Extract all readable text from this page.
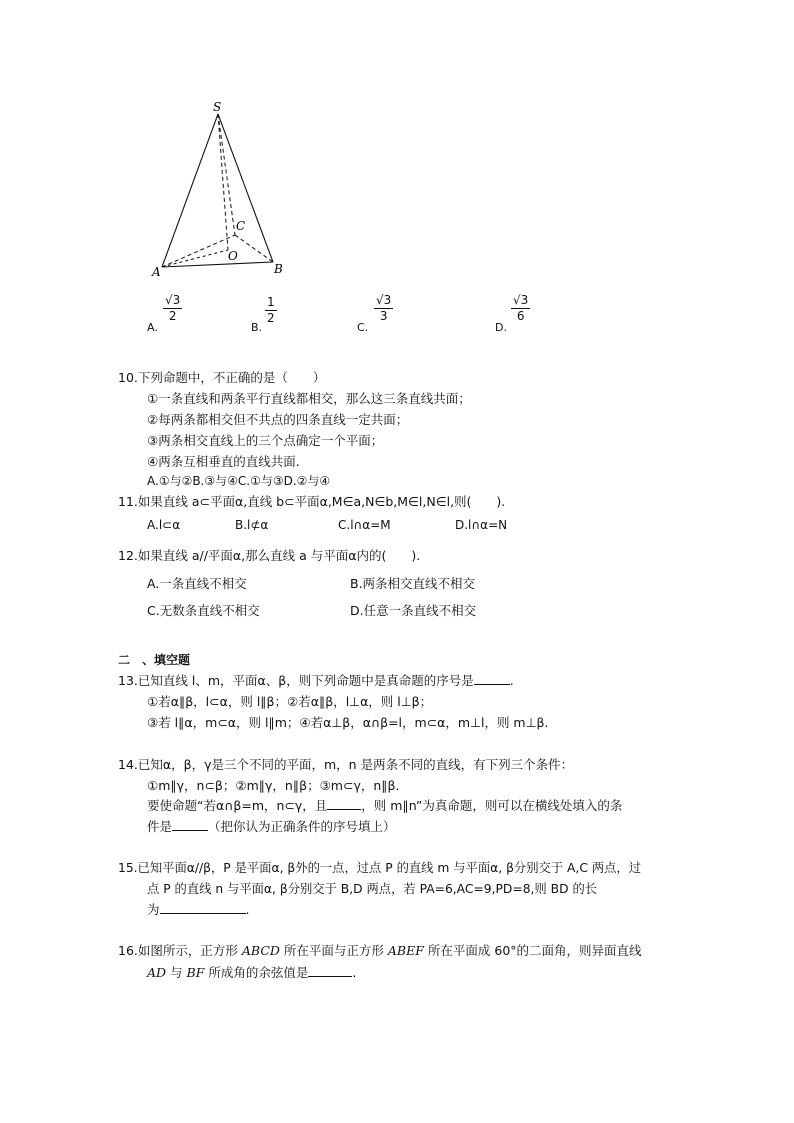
S
C
O
A	B
A.
$\frac{√3}{2}$
B.
$\frac{1}{2}$
C.
$\frac{√3}{3}$
D.
$\frac{√3}{6}$
10.下列命题中，不正确的是（　　）
①一条直线和两条平行直线都相交，那么这三条直线共面；
②每两条都相交但不共点的四条直线一定共面；
③两条相交直线上的三个点确定一个平面；
④两条互相垂直的直线共面.
A.①与②B.③与④C.①与③D.②与④
11.如果直线 a⊂平面α,直线 b⊂平面α,M∈a,N∈b,M∈l,N∈l,则(　　).
A.l⊂α	B.l⊄α	C.l∩α=M	D.l∩α=N
12.如果直线 a//平面α,那么直线 a 与平面α内的(　　).
A.一条直线不相交	B.两条相交直线不相交
C.无数条直线不相交	D.任意一条直线不相交
二　、填空题
13.已知直线 l、m，平面α、β，则下列命题中是真命题的序号是	.
①若α∥β，l⊂α，则 l∥β；②若α∥β，l⊥α，则 l⊥β；
③若 l∥α，m⊂α，则 l∥m；④若α⊥β，α∩β=l，m⊂α，m⊥l，则 m⊥β.
14.已知α，β，γ是三个不同的平面，m，n 是两条不同的直线，有下列三个条件：
①m∥γ，n⊂β；②m∥γ，n∥β；③m⊂γ，n∥β.
要使命题“若α∩β=m，n⊂γ，且	，则 m∥n”为真命题，则可以在横线处填入的条
件是	（把你认为正确条件的序号填上）
15.已知平面α//β，P 是平面α, β外的一点，过点 P 的直线 m 与平面α, β分别交于 A,C 两点，过
点 P 的直线 n 与平面α, β分别交于 B,D 两点，若 PA=6,AC=9,PD=8,则 BD 的长
为	.
16.如图所示，正方形 ABCD 所在平面与正方形 ABEF 所在平面成 60°的二面角，则异面直线
AD 与 BF 所成角的余弦值是	.
